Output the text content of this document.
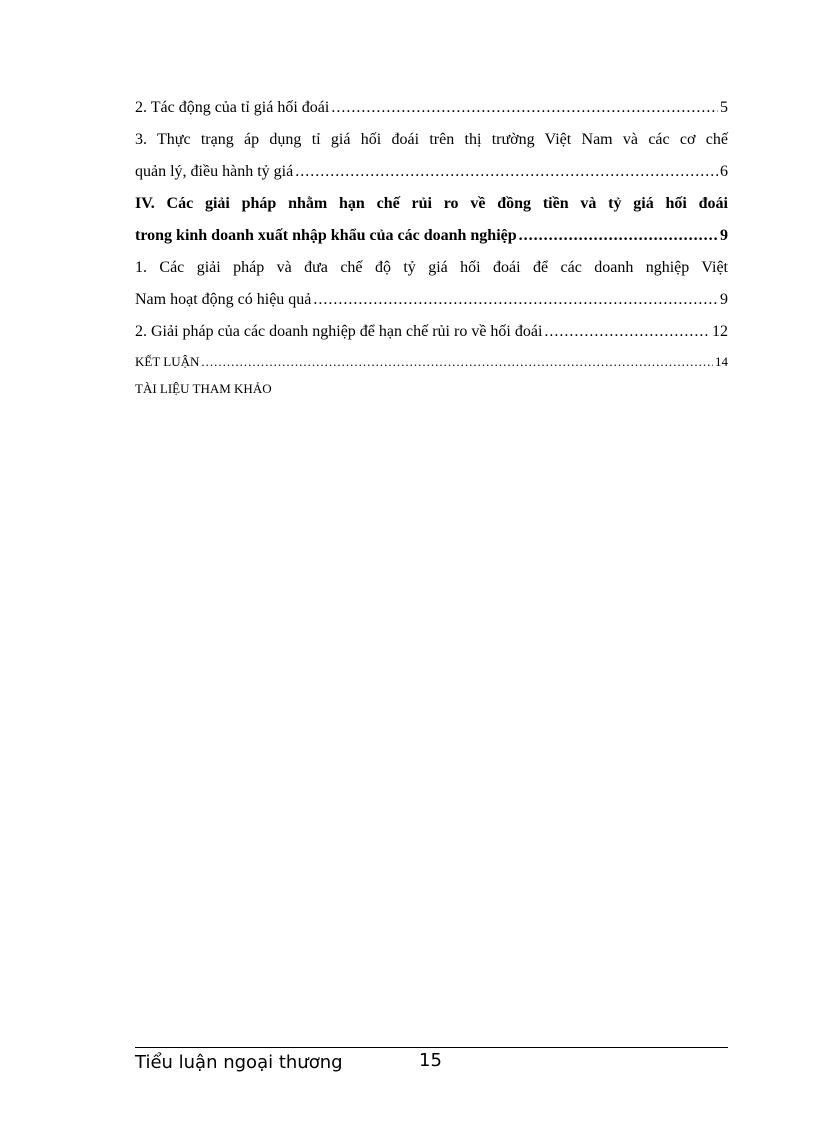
2. Tác động của tỉ giá hối đoái .....	5
3. Thực trạng áp dụng tỉ giá hối đoái trên thị trường Việt Nam và các cơ chế
quản lý, điều hành tỷ giá .....	6
IV. Các giải pháp nhằm hạn chế rủi ro về đồng tiền và tỷ giá hối đoái
trong kinh doanh xuất nhập khẩu của các doanh nghiệp .....	9
1. Các giải pháp và đưa chế độ tỷ giá hối đoái để các doanh nghiệp Việt
Nam hoạt động có hiệu quả .....	9
2. Giải pháp của các doanh nghiệp để hạn chế rủi ro về hối đoái .....	12
KẾT LUẬN .....	14
TÀI LIỆU THAM KHẢO
Tiểu luận ngoại thương	15
